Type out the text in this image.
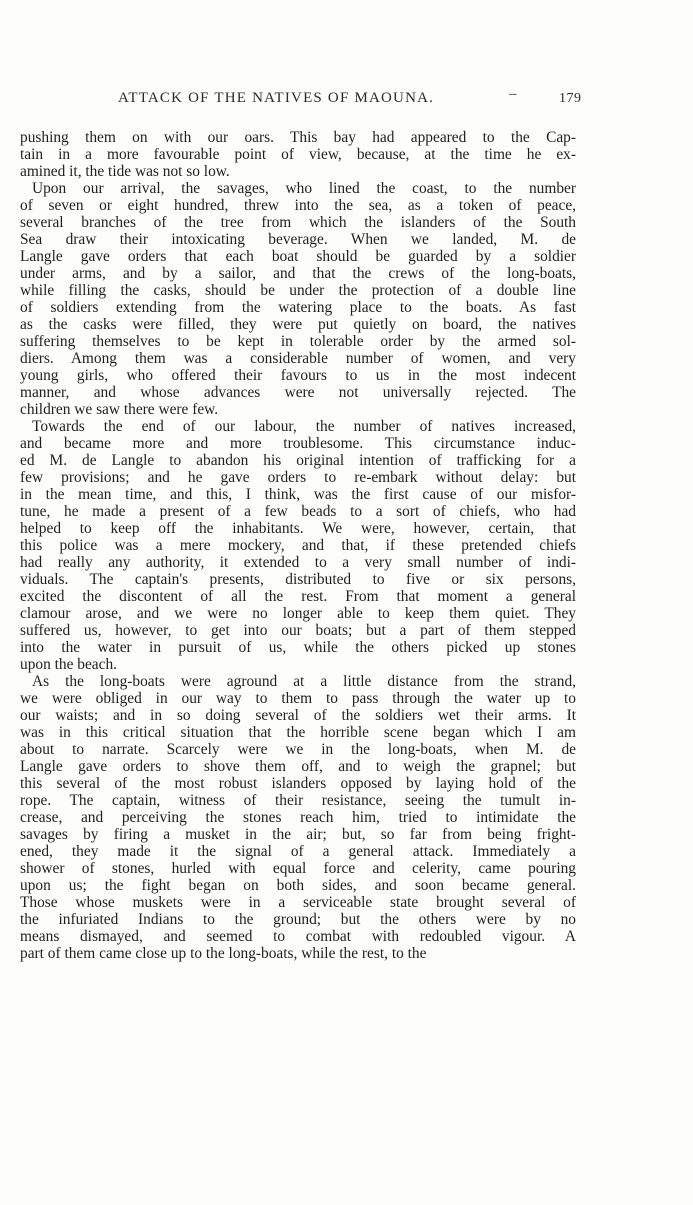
ATTACK OF THE NATIVES OF MAOUNA.	‒	179
pushing them on with our oars. This bay had appeared to the Cap-
tain in a more favourable point of view, because, at the time he ex-
amined it, the tide was not so low.
Upon our arrival, the savages, who lined the coast, to the number
of seven or eight hundred, threw into the sea, as a token of peace,
several branches of the tree from which the islanders of the South
Sea draw their intoxicating beverage. When we landed, M. de
Langle gave orders that each boat should be guarded by a soldier
under arms, and by a sailor, and that the crews of the long-boats,
while filling the casks, should be under the protection of a double line
of soldiers extending from the watering place to the boats. As fast
as the casks were filled, they were put quietly on board, the natives
suffering themselves to be kept in tolerable order by the armed sol-
diers. Among them was a considerable number of women, and very
young girls, who offered their favours to us in the most indecent
manner, and whose advances were not universally rejected. The
children we saw there were few.
Towards the end of our labour, the number of natives increased,
and became more and more troublesome. This circumstance induc-
ed M. de Langle to abandon his original intention of trafficking for a
few provisions; and he gave orders to re-embark without delay: but
in the mean time, and this, I think, was the first cause of our misfor-
tune, he made a present of a few beads to a sort of chiefs, who had
helped to keep off the inhabitants. We were, however, certain, that
this police was a mere mockery, and that, if these pretended chiefs
had really any authority, it extended to a very small number of indi-
viduals. The captain's presents, distributed to five or six persons,
excited the discontent of all the rest. From that moment a general
clamour arose, and we were no longer able to keep them quiet. They
suffered us, however, to get into our boats; but a part of them stepped
into the water in pursuit of us, while the others picked up stones
upon the beach.
As the long-boats were aground at a little distance from the strand,
we were obliged in our way to them to pass through the water up to
our waists; and in so doing several of the soldiers wet their arms. It
was in this critical situation that the horrible scene began which I am
about to narrate. Scarcely were we in the long-boats, when M. de
Langle gave orders to shove them off, and to weigh the grapnel; but
this several of the most robust islanders opposed by laying hold of the
rope. The captain, witness of their resistance, seeing the tumult in-
crease, and perceiving the stones reach him, tried to intimidate the
savages by firing a musket in the air; but, so far from being fright-
ened, they made it the signal of a general attack. Immediately a
shower of stones, hurled with equal force and celerity, came pouring
upon us; the fight began on both sides, and soon became general.
Those whose muskets were in a serviceable state brought several of
the infuriated Indians to the ground; but the others were by no
means dismayed, and seemed to combat with redoubled vigour. A
part of them came close up to the long-boats, while the rest, to the
